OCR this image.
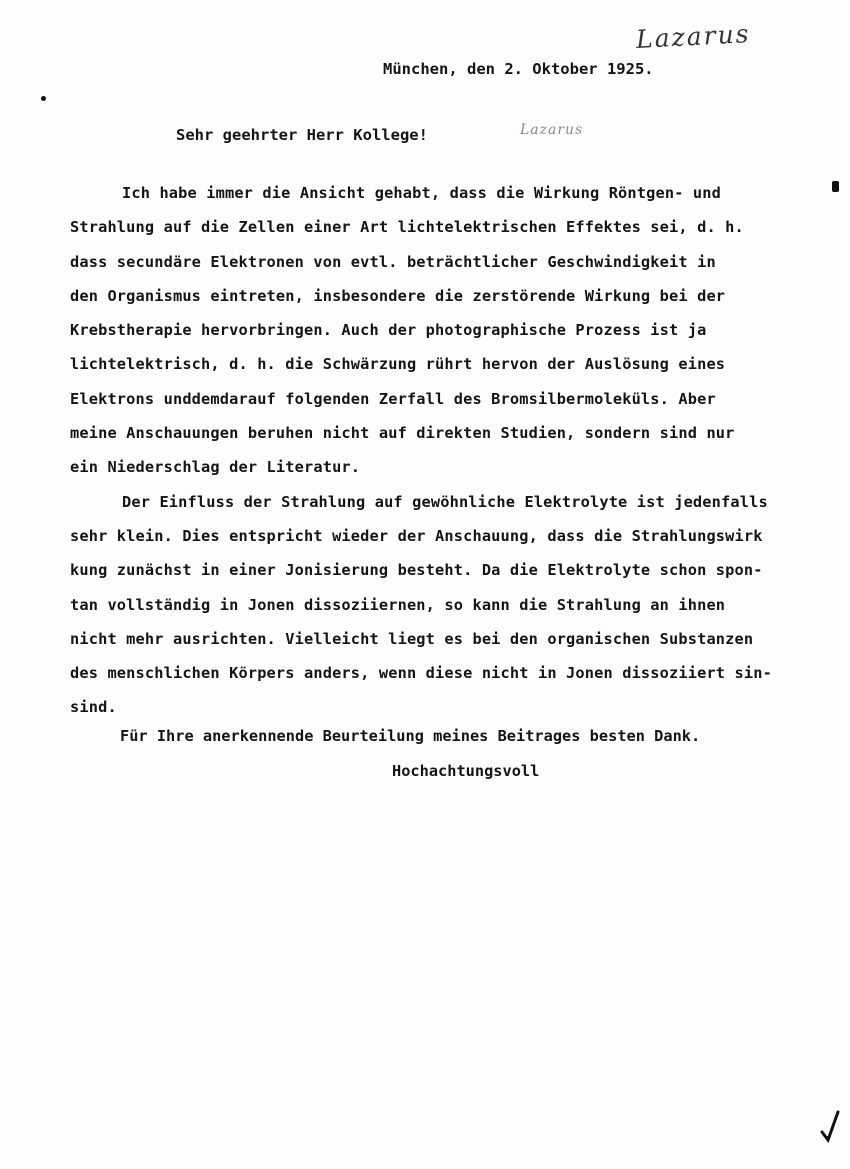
Lazarus
Lazarus
München, den 2. Oktober 1925.
Sehr geehrter Herr Kollege!
Ich habe immer die Ansicht gehabt, dass die Wirkung Röntgen- und
Strahlung auf die Zellen einer Art lichtelektrischen Effektes sei, d. h.
dass secundäre Elektronen von evtl. beträchtlicher Geschwindigkeit in
den Organismus eintreten, insbesondere die zerstörende Wirkung bei der
Krebstherapie hervorbringen. Auch der photographische Prozess ist ja
lichtelektrisch, d. h. die Schwärzung rührt hervon der Auslösung eines
Elektrons unddemdarauf folgenden Zerfall des Bromsilbermoleküls. Aber
meine Anschauungen beruhen nicht auf direkten Studien, sondern sind nur
ein Niederschlag der Literatur.
Der Einfluss der Strahlung auf gewöhnliche Elektrolyte ist jedenfalls
sehr klein. Dies entspricht wieder der Anschauung, dass die Strahlungswirk
kung zunächst in einer Jonisierung besteht. Da die Elektrolyte schon spon-
tan vollständig in Jonen dissoziiernen, so kann die Strahlung an ihnen
nicht mehr ausrichten. Vielleicht liegt es bei den organischen Substanzen
des menschlichen Körpers anders, wenn diese nicht in Jonen dissoziiert sin-
sind.
Für Ihre anerkennende Beurteilung meines Beitrages besten Dank.
Hochachtungsvoll
